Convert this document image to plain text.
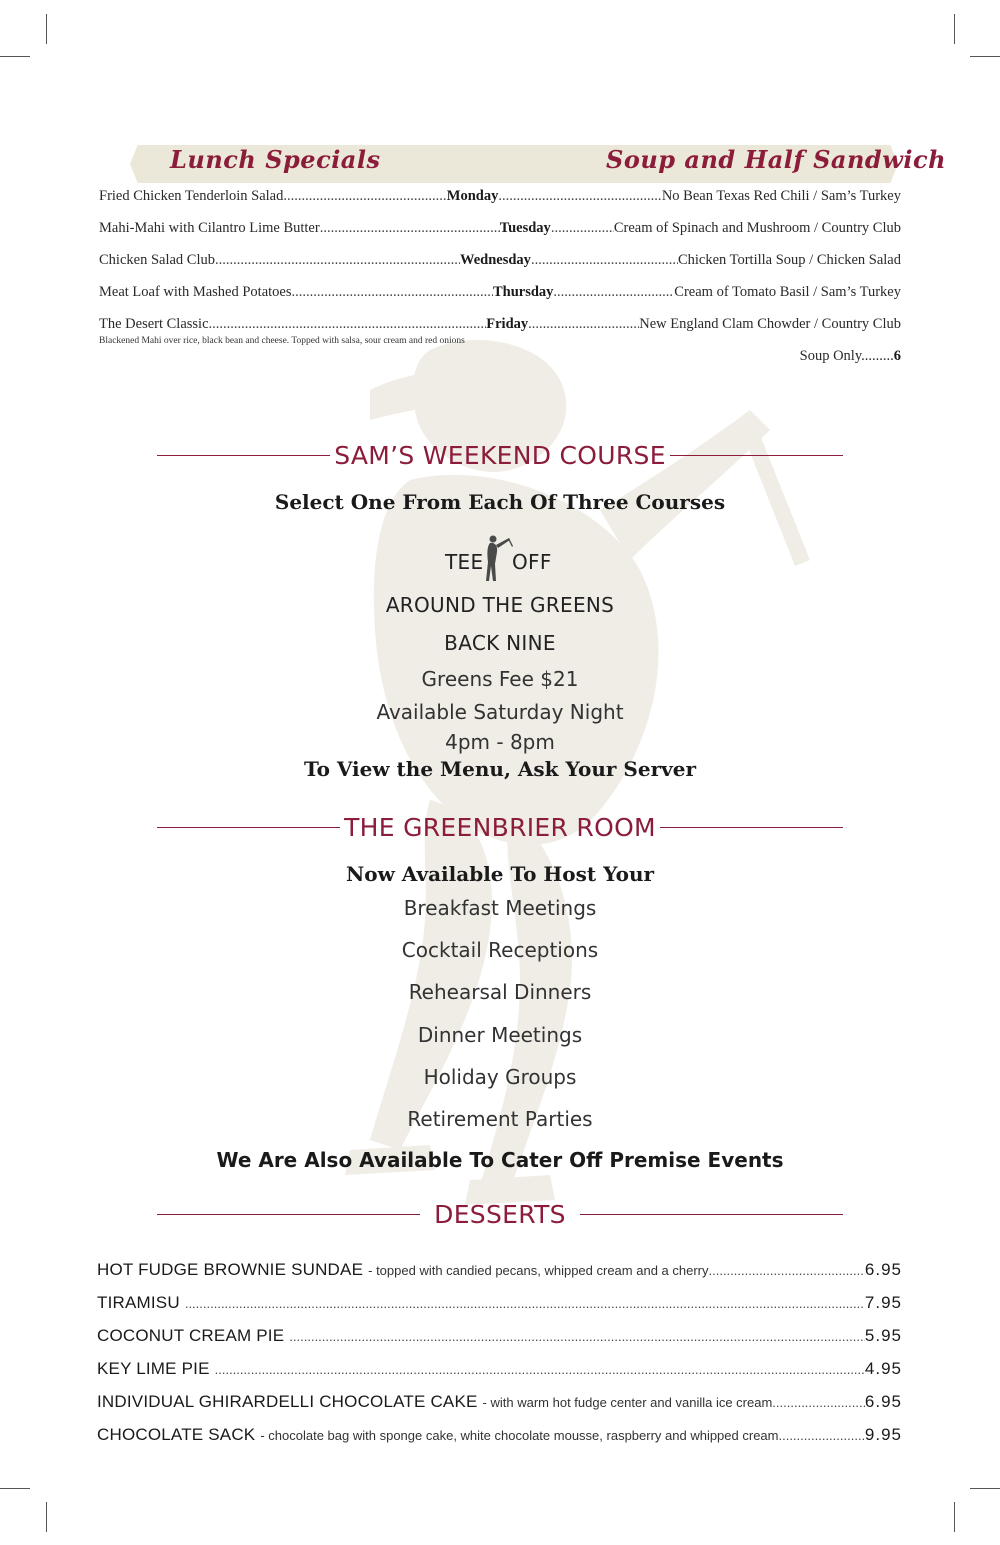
Lunch Specials	Soup and Half Sandwich
Fried Chicken Tenderloin Salad .....	Monday .....	No Bean Texas Red Chili / Sam’s Turkey
Mahi-Mahi with Cilantro Lime Butter .....	Tuesday .....	Cream of Spinach and Mushroom / Country Club
Chicken Salad Club .....	Wednesday .....	Chicken Tortilla Soup / Chicken Salad
Meat Loaf with Mashed Potatoes .....	Thursday .....	Cream of Tomato Basil / Sam’s Turkey
The Desert Classic .....	Friday .....	New England Clam Chowder / Country Club
Blackened Mahi over rice, black bean and cheese. Topped with salsa, sour cream and red onions
Soup Only.........6
SAM’S WEEKEND COURSE
Select One From Each Of Three Courses
TEE OFF
AROUND THE GREENS
BACK NINE
Greens Fee $21
Available Saturday Night
4pm - 8pm
To View the Menu, Ask Your Server
THE GREENBRIER ROOM
Now Available To Host Your
Breakfast Meetings
Cocktail Receptions
Rehearsal Dinners
Dinner Meetings
Holiday Groups
Retirement Parties
We Are Also Available To Cater Off Premise Events
DESSERTS
HOT FUDGE BROWNIE SUNDAE - topped with candied pecans, whipped cream and a cherry .....	6.95
TIRAMISU .....	7.95
COCONUT CREAM PIE .....	5.95
KEY LIME PIE .....	4.95
INDIVIDUAL GHIRARDELLI CHOCOLATE CAKE - with warm hot fudge center and vanilla ice cream .....	6.95
CHOCOLATE SACK - chocolate bag with sponge cake, white chocolate mousse, raspberry and whipped cream .....	9.95
